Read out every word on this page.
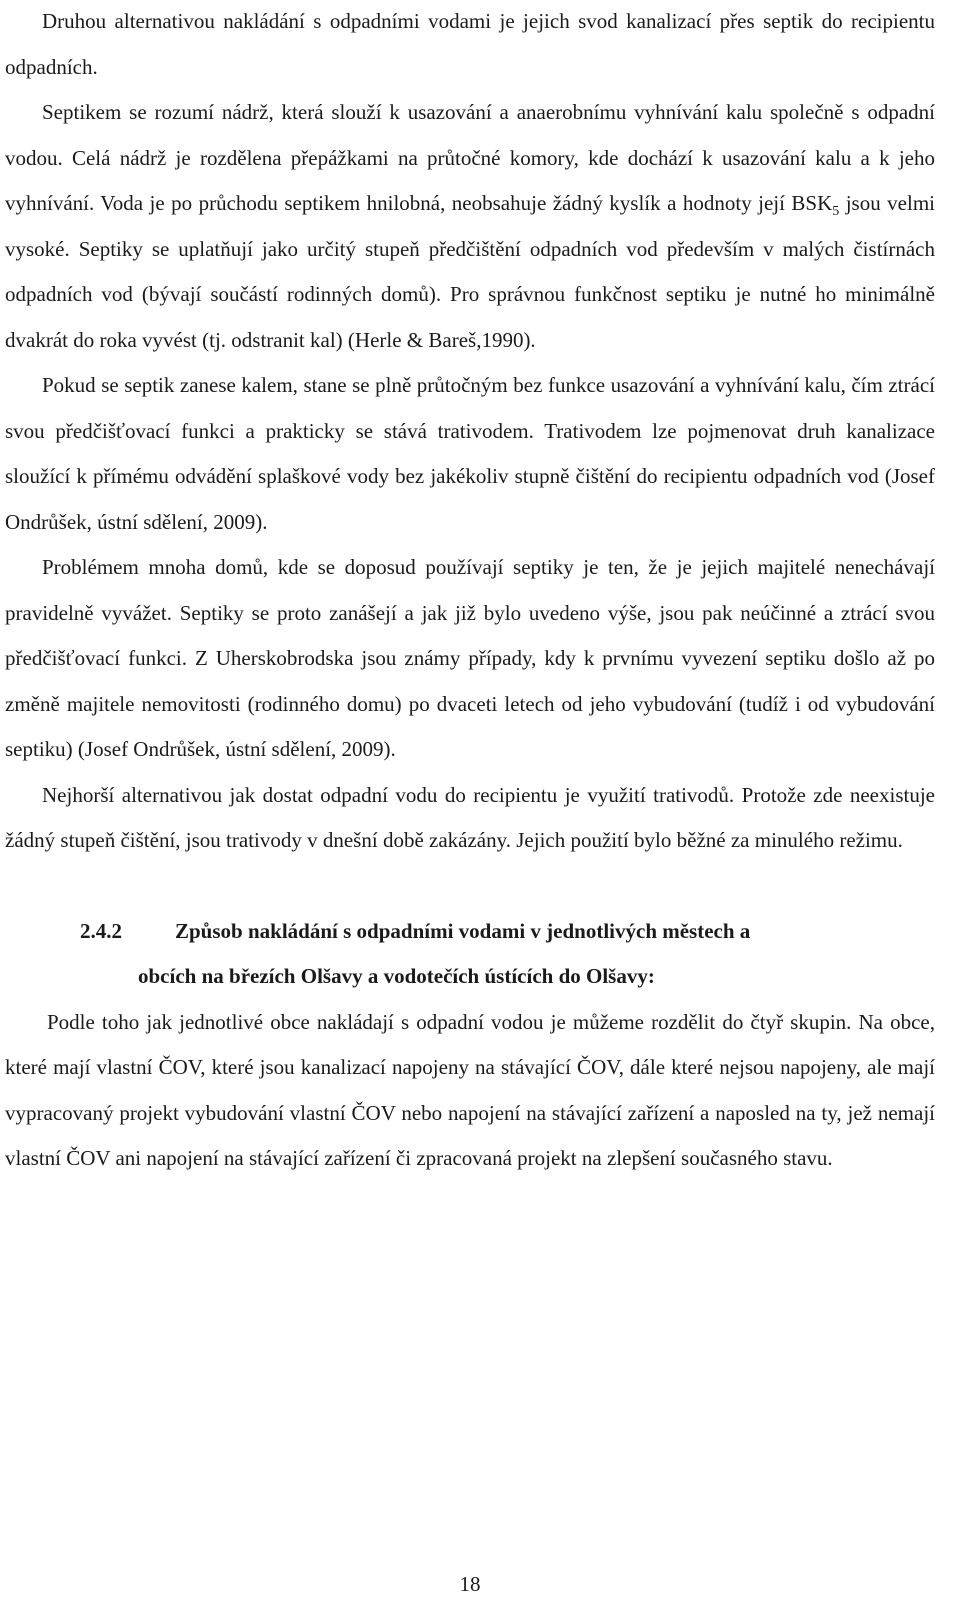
Druhou alternativou nakládání s odpadními vodami je jejich svod kanalizací přes septik do recipientu odpadních.

Septikem se rozumí nádrž, která slouží k usazování a anaerobnímu vyhnívání kalu společně s odpadní vodou. Celá nádrž je rozdělena přepážkami na průtočné komory, kde dochází k usazování kalu a k jeho vyhnívání. Voda je po průchodu septikem hnilobná, neobsahuje žádný kyslík a hodnoty její $BSK_5$ jsou velmi vysoké. Septiky se uplatňují jako určitý stupeň předčištění odpadních vod především v malých čistírnách odpadních vod (bývají součástí rodinných domů). Pro správnou funkčnost septiku je nutné ho minimálně dvakrát do roka vyvést (tj. odstranit kal) (Herle & Bareš,1990).

Pokud se septik zanese kalem, stane se plně průtočným bez funkce usazování a vyhnívání kalu, čím ztrácí svou předčišťovací funkci a prakticky se stává trativodem. Trativodem lze pojmenovat druh kanalizace sloužící k přímému odvádění splaškové vody bez jakékoliv stupně čištění do recipientu odpadních vod (Josef Ondrůšek, ústní sdělení, 2009).

Problémem mnoha domů, kde se doposud používají septiky je ten, že je jejich majitelé nenechávají pravidelně vyvážet. Septiky se proto zanášejí a jak již bylo uvedeno výše, jsou pak neúčinné a ztrácí svou předčišťovací funkci. Z Uherskobrodska jsou známy případy, kdy k prvnímu vyvezení septiku došlo až po změně majitele nemovitosti (rodinného domu) po dvaceti letech od jeho vybudování (tudíž i od vybudování septiku) (Josef Ondrůšek, ústní sdělení, 2009).

Nejhorší alternativou jak dostat odpadní vodu do recipientu je využití trativodů. Protože zde neexistuje žádný stupeň čištění, jsou trativody v dnešní době zakázány. Jejich použití bylo běžné za minulého režimu.

2.4.2	Způsob nakládání s odpadními vodami v jednotlivých městech a
obcích na březích Olšavy a vodotečích ústících do Olšavy:

Podle toho jak jednotlivé obce nakládají s odpadní vodou je můžeme rozdělit do čtyř skupin. Na obce, které mají vlastní ČOV, které jsou kanalizací napojeny na stávající ČOV, dále které nejsou napojeny, ale mají vypracovaný projekt vybudování vlastní ČOV nebo napojení na stávající zařízení a naposled na ty, jež nemají vlastní ČOV ani napojení na stávající zařízení či zpracovaná projekt na zlepšení současného stavu.

18
